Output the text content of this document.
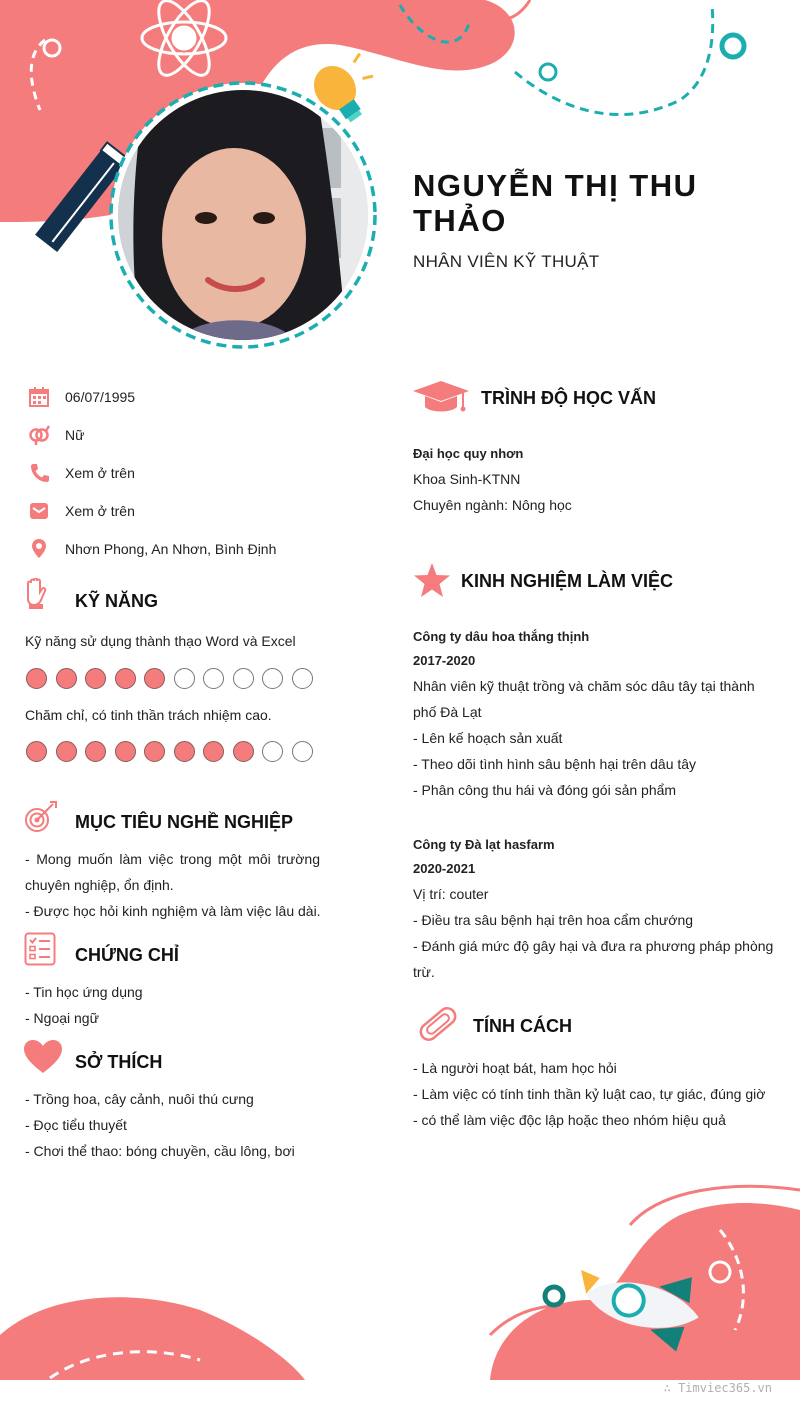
NGUYỄN THỊ THU THẢO
NHÂN VIÊN KỸ THUẬT
06/07/1995
Nữ
Xem ở trên
Xem ở trên
Nhơn Phong, An Nhơn, Bình Định
KỸ NĂNG
Kỹ năng sử dụng thành thạo Word và Excel
Chăm chỉ, có tinh thần trách nhiệm cao.
MỤC TIÊU NGHỀ NGHIỆP
- Mong muốn làm việc trong một môi trường
chuyên nghiệp, ổn định.
- Được học hỏi kinh nghiệm và làm việc lâu dài.
CHỨNG CHỈ
- Tin học ứng dụng
- Ngoại ngữ
SỞ THÍCH
- Trồng hoa, cây cảnh, nuôi thú cưng
- Đọc tiểu thuyết
- Chơi thể thao: bóng chuyền, cầu lông, bơi
TRÌNH ĐỘ HỌC VẤN
Đại học quy nhơn
Khoa Sinh-KTNN
Chuyên ngành: Nông học
KINH NGHIỆM LÀM VIỆC
Công ty dâu hoa thắng thịnh
2017-2020
Nhân viên kỹ thuật trồng và chăm sóc dâu tây tại thành
phố Đà Lạt
- Lên kế hoạch sản xuất
- Theo dõi tình hình sâu bệnh hại trên dâu tây
- Phân công thu hái và đóng gói sản phẩm
Công ty Đà lạt hasfarm
2020-2021
Vị trí: couter
- Điều tra sâu bệnh hại trên hoa cẩm chướng
- Đánh giá mức độ gây hại và đưa ra phương pháp phòng
trừ.
TÍNH CÁCH
- Là người hoạt bát, ham học hỏi
- Làm việc có tính tinh thần kỷ luật cao, tự giác, đúng giờ
- có thể làm việc độc lập hoặc theo nhóm hiệu quả
∴ Timviec365.vn
